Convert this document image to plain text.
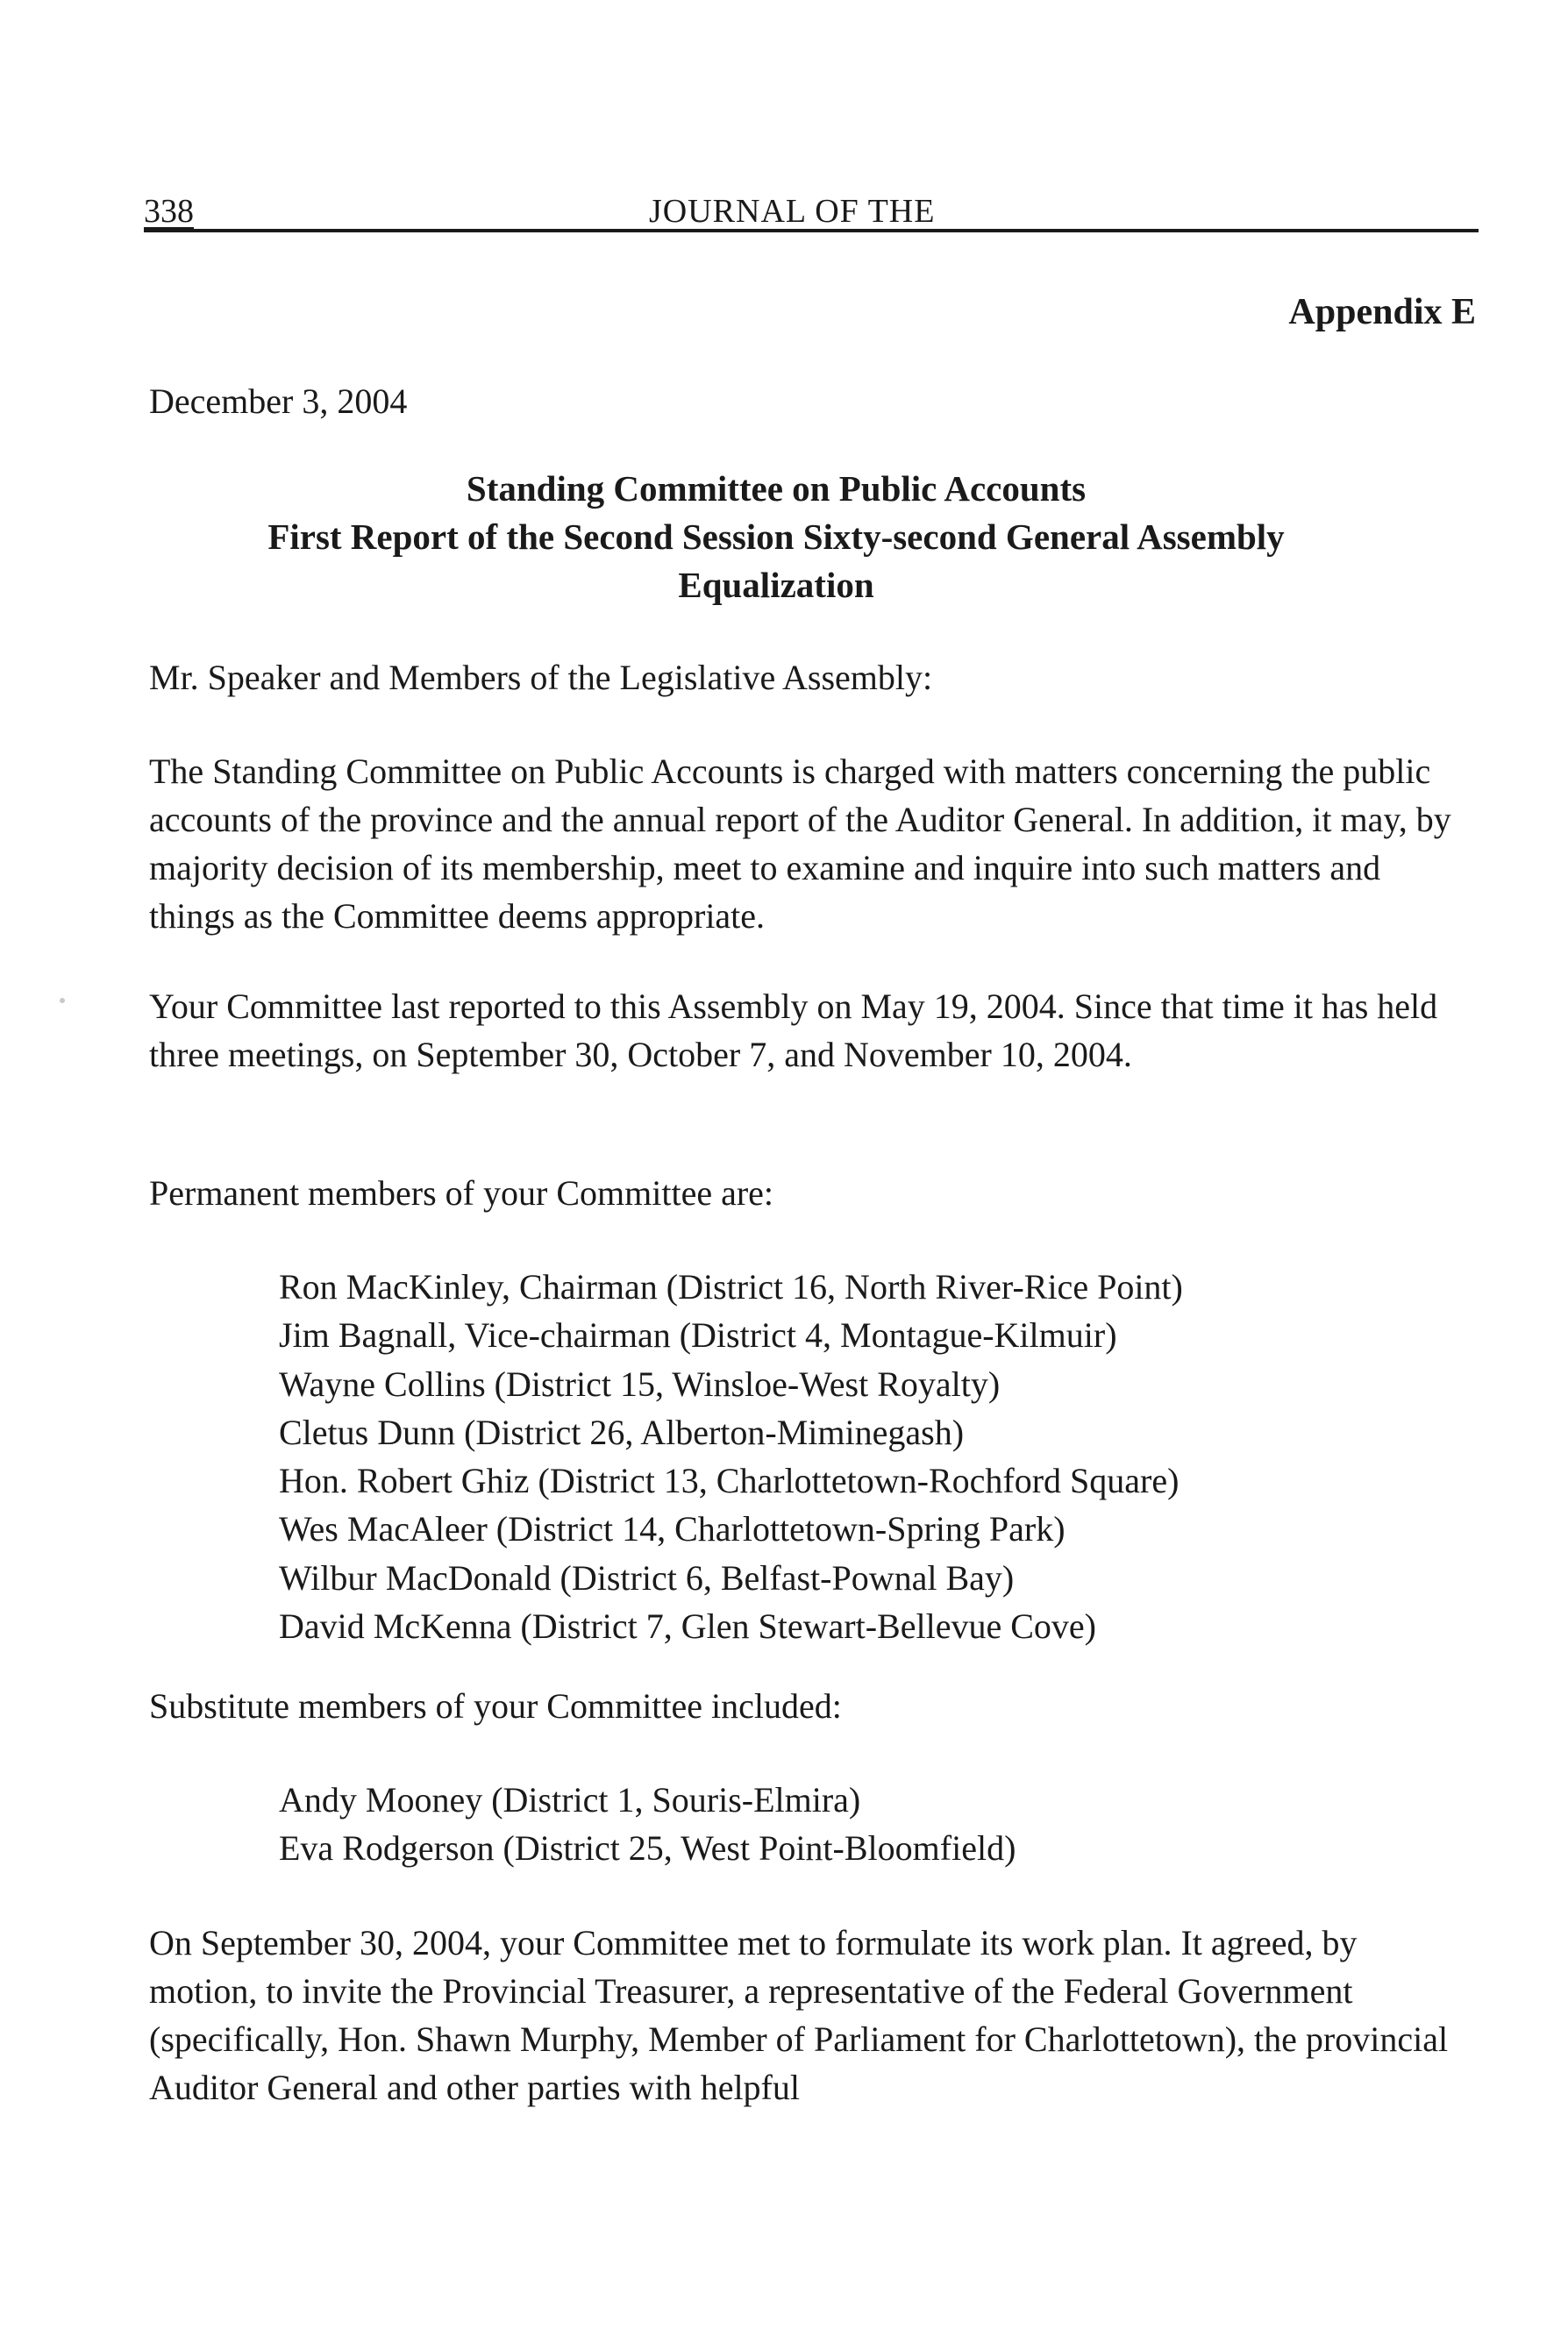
338	JOURNAL OF THE
Appendix E
December 3, 2004
Standing Committee on Public Accounts
First Report of the Second Session Sixty-second General Assembly
Equalization

Mr. Speaker and Members of the Legislative Assembly:

The Standing Committee on Public Accounts is charged with matters concerning the public accounts of the province and the annual report of the Auditor General. In addition, it may, by majority decision of its membership, meet to examine and inquire into such matters and things as the Committee deems appropriate.

Your Committee last reported to this Assembly on May 19, 2004. Since that time it has held three meetings, on September 30, October 7, and November 10, 2004.

Permanent members of your Committee are:

Ron MacKinley, Chairman (District 16, North River-Rice Point)
Jim Bagnall, Vice-chairman (District 4, Montague-Kilmuir)
Wayne Collins (District 15, Winsloe-West Royalty)
Cletus Dunn (District 26, Alberton-Miminegash)
Hon. Robert Ghiz (District 13, Charlottetown-Rochford Square)
Wes MacAleer (District 14, Charlottetown-Spring Park)
Wilbur MacDonald (District 6, Belfast-Pownal Bay)
David McKenna (District 7, Glen Stewart-Bellevue Cove)

Substitute members of your Committee included:

Andy Mooney (District 1, Souris-Elmira)
Eva Rodgerson (District 25, West Point-Bloomfield)

On September 30, 2004, your Committee met to formulate its work plan. It agreed, by motion, to invite the Provincial Treasurer, a representative of the Federal Government (specifically, Hon. Shawn Murphy, Member of Parliament for Charlottetown), the provincial Auditor General and other parties with helpful
